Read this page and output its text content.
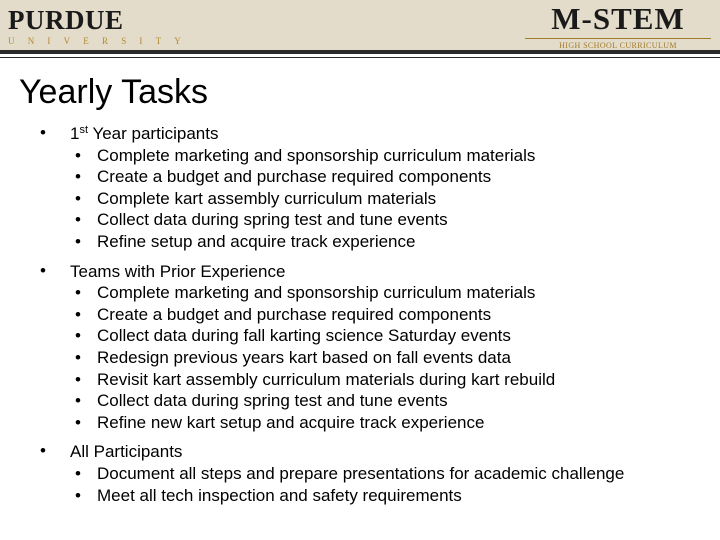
PURDUE
UNIVERSITY
M-STEM
HIGH SCHOOL CURRICULUM
Yearly Tasks
•	1st Year participants
• Complete marketing and sponsorship curriculum materials
• Create a budget and purchase required components
• Complete kart assembly curriculum materials
• Collect data during spring test and tune events
• Refine setup and acquire track experience
•	Teams with Prior Experience
• Complete marketing and sponsorship curriculum materials
• Create a budget and purchase required components
• Collect data during fall karting science Saturday events
• Redesign previous years kart based on fall events data
• Revisit kart assembly curriculum materials during kart rebuild
• Collect data during spring test and tune events
• Refine new kart setup and acquire track experience
•	All Participants
• Document all steps and prepare presentations for academic challenge
• Meet all tech inspection and safety requirements
